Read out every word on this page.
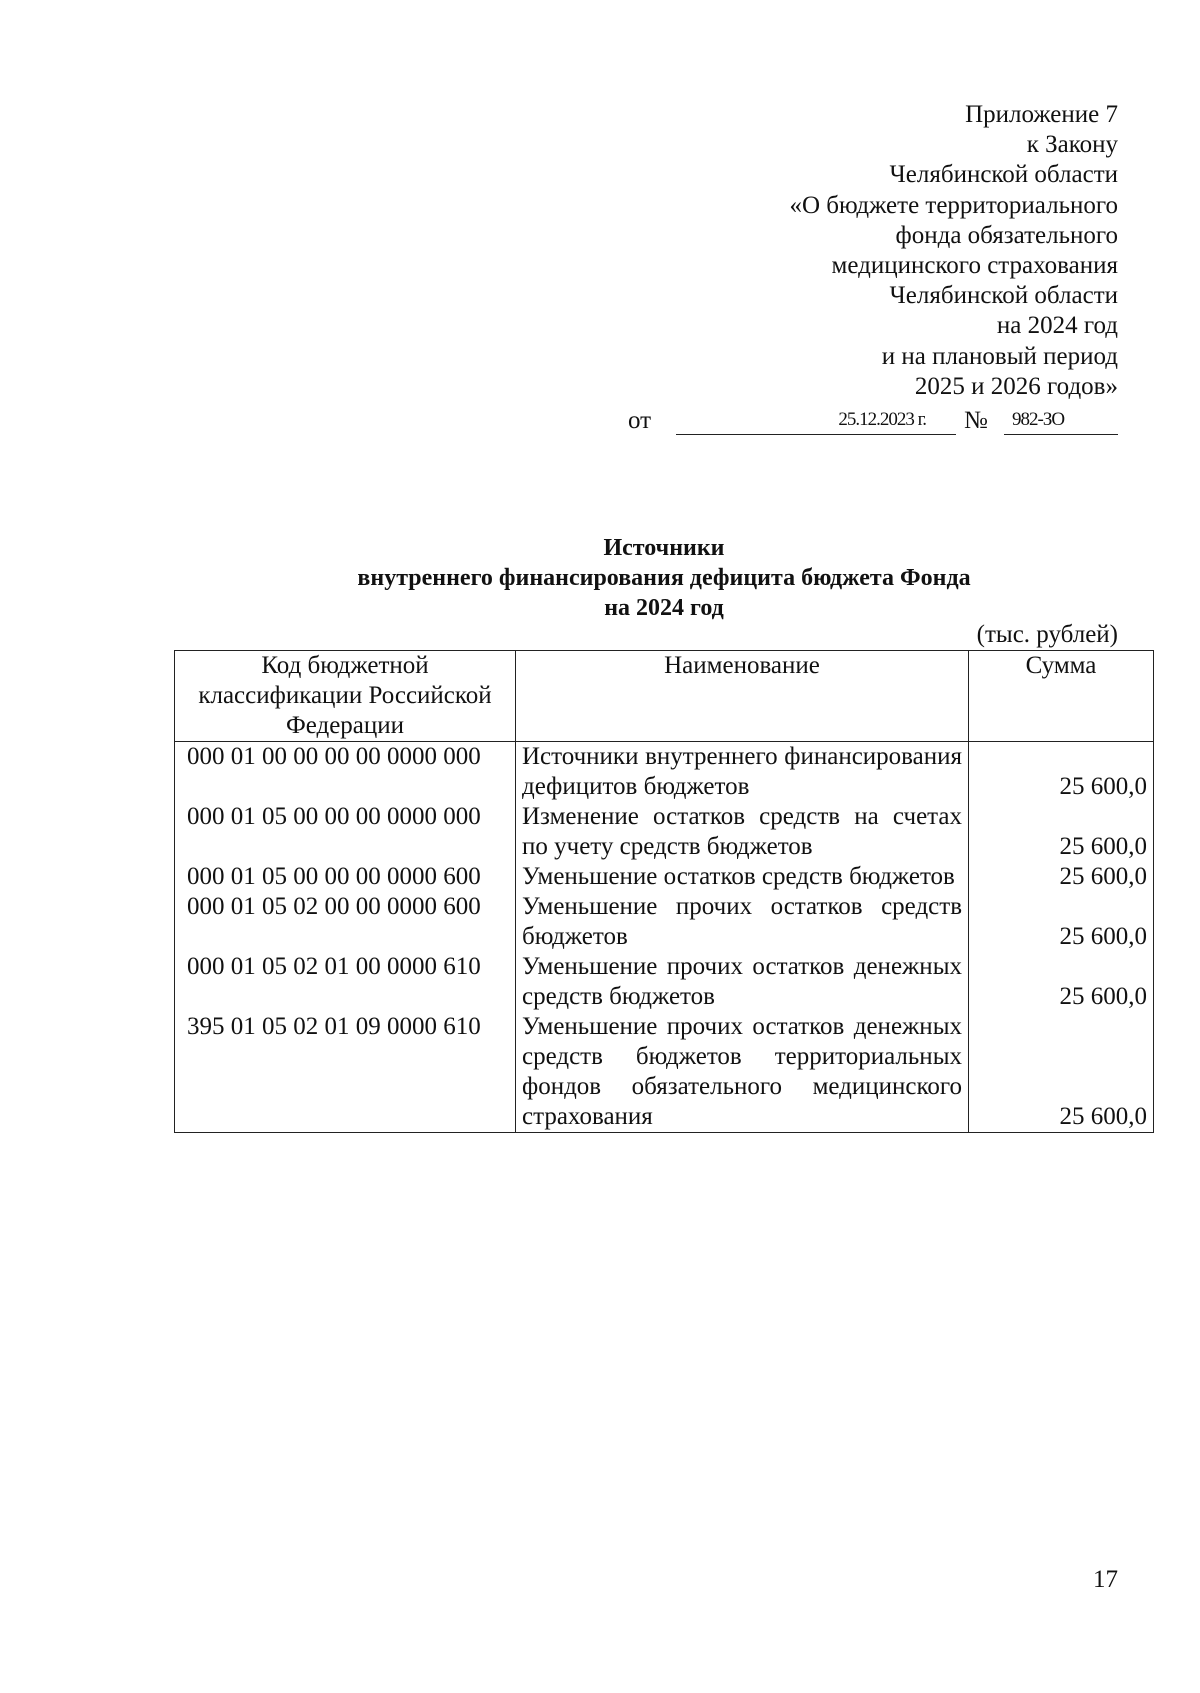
Приложение 7
к Закону
Челябинской области
«О бюджете территориального
фонда обязательного
медицинского страхования
Челябинской области
на 2024 год
и на плановый период
2025 и 2026 годов»
от	25.12.2023 г.	№	982-ЗО
Источники
внутреннего финансирования дефицита бюджета Фонда
на 2024 год
(тыс. рублей)
Код бюджетной классификации Российской Федерации	Наименование	Сумма
000 01 00 00 00 00 0000 000	Источники внутреннего финансирования дефицитов бюджетов	25 600,0
000 01 05 00 00 00 0000 000	Изменение остатков средств на счетах по учету средств бюджетов	25 600,0
000 01 05 00 00 00 0000 600	Уменьшение остатков средств бюджетов	25 600,0
000 01 05 02 00 00 0000 600	Уменьшение прочих остатков средств бюджетов	25 600,0
000 01 05 02 01 00 0000 610	Уменьшение прочих остатков денежных средств бюджетов	25 600,0
395 01 05 02 01 09 0000 610	Уменьшение прочих остатков денежных средств бюджетов территориальных фондов обязательного медицинского страхования	25 600,0
17
